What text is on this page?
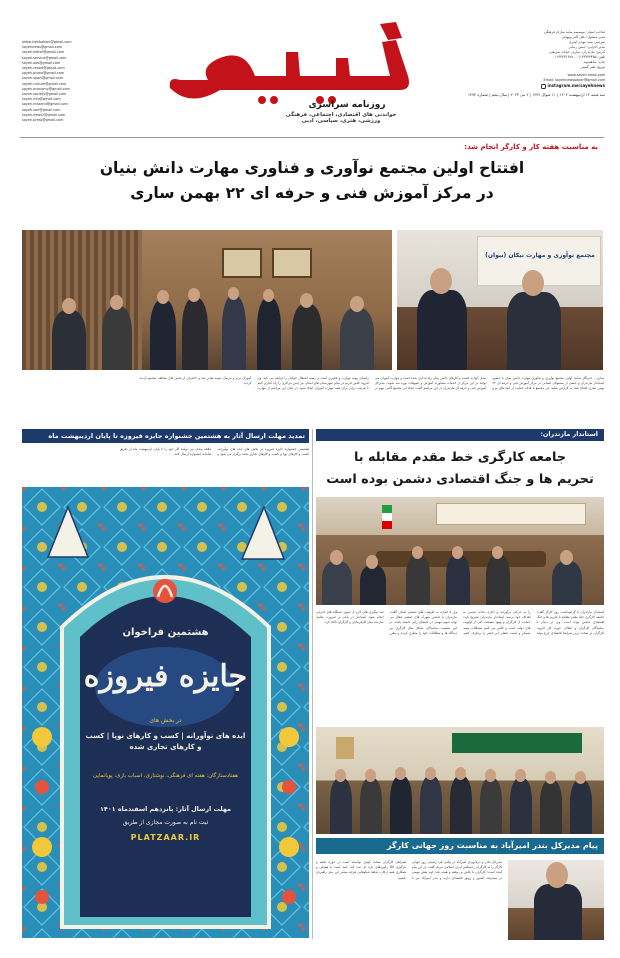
akbar.behbahani@gmail.com
sayehnews@gmail.com
sayeh.editor@gmail.com
sayeh.service@gmail.com
sayeh.ads@gmail.com
sayeh.report@gmail.com
sayeh.photo@gmail.com
sayeh.sport@gmail.com
sayeh.culture@gmail.com
sayeh.economy@gmail.com
sayeh.society@gmail.com
sayeh.info@gmail.com
sayeh.mazand@gmail.com
sayeh.sari@gmail.com
sayeh.news2@gmail.com
sayeh.press@gmail.com
روزنامه سراسری
خواندنی های اقتصادی، اجتماعی، فرهنگی
ورزشی، هنری، سیاسی، ادبی
صاحب امتیاز: موسسه سایه سازان فرهنگی
مدیر مسئول: علی اکبر بهبهانی
سردبیر: سید مهدی امیری
مدیر اجرایی: حسن زمانی
آدرس: مازندران، ساری، خیابان شریعتی
تلفن: ۰۱۱۳۳۳۳۴۴۵۵ - ۰۱۱۳۳۳۳۶۶۷۷
چاپ: شاهسوند
توزیع: نشر گستر
www.sayeh-news.com
Email: sayehnewspaper@gmail.com
instagram.me/sayehnews
سه شنبه ۱۲ اردیبهشت ۱۴۰۲ | ۱۱ شوال ۱۴۴۴ | ۲ می ۲۰۲۳ | سال پنجم | شماره ۱۲۷۴
به مناسبت هفته کار و کارگر انجام شد:
افتتاح اولین مجتمع نوآوری و فناوری مهارت دانش بنیان
در مرکز آموزش فنی و حرفه ای ۲۲ بهمن ساری
مجتمع نوآوری و مهارت نیکان (نیوان)

ساری - خبرنگار سایه: اولین مجتمع نوآوری و فناوری مهارت دانش بنیان با حضور استاندار مازندران و جمعی از مسئولان استانی در مرکز آموزش فنی و حرفه ای ۲۲ بهمن ساری افتتاح شد. به گزارش سایه، این مجتمع با هدف حمایت از ایده های نو و تبدیل آنها به کسب و کارهای دانش بنیان راه اندازی شده است و مهارت آموزان می توانند در این مرکز از خدمات مشاوره، آموزش و تسهیلات بهره مند شوند. مدیرکل آموزش فنی و حرفه ای مازندران در این مراسم گفت: ایجاد این مجتمع گامی مهم در راستای پیوند مهارت و فناوری است و زمینه اشتغال جوانان را فراهم می کند. وی افزود: تلاش داریم در سایر شهرستان های استان نیز چنین مراکزی را راه اندازی کنیم تا فرصت برابر برای همه مهارت آموزان ایجاد شود. در پایان این مراسم از مهارت آموزان برتر و مربیان نمونه تقدیر شد و حاضران از بخش های مختلف مجتمع بازدید کردند.

استاندار مازندران:
جامعه کارگری خط مقدم مقابله با
تحریم ها و جنگ اقتصادی دشمن بوده است

استاندار مازندران با گرامیداشت روز کارگر گفت: جامعه کارگری خط مقدم مقابله با تحریم ها و جنگ اقتصادی دشمن بوده است. وی در دیدار با نمایندگان کارگران و فعالان حوزه کار افزود: کارگران در سخت ترین شرایط اقتصادی چرخ تولید را به حرکت درآوردند و اجازه ندادند دشمن به اهداف خود برسد. استاندار مازندران تصریح کرد: حمایت از کارگران و بهبود معیشت آنان از اولویت های دولت است و تلاش می کنیم مشکلات بیمه، مسکن و امنیت شغلی این قشر را برطرف کنیم. وی با اشاره به ظرفیت های صنعتی استان گفت: مازندران با داشتن شهرک های صنعتی فعال می تواند سهم مهمی در اشتغال زایی داشته باشد. در این نشست نمایندگان تشکل های کارگری نیز دیدگاه ها و مطالبات خود را مطرح کردند و مقرر شد پیگیری های لازم از سوی دستگاه های اجرایی انجام شود. استاندار در پایان بر ضرورت تعامل سازنده میان کارفرمایان و کارگران تاکید کرد.

پیام مدیرکل بندر امیرآباد به مناسبت روز جهانی کارگر

مدیرکل بنادر و دریانوردی امیرآباد در پیامی فرا رسیدن روز جهانی کارگر را به کارگران زحمتکش ایران اسلامی تبریک گفت. در این پیام آمده است: کارگران با تلاش بی وقفه و همت بلند خود نقش مهمی در پیشرفت کشور و رونق اقتصادی دارند و بندر امیرآباد نیز با همراهی کارگران سخت کوش توانسته است در حوزه تخلیه و بارگیری کالا رکوردهای تازه ای ثبت کند. امید است با همدلی و همکاری همه ارکان، شاهد شکوفایی هرچه بیشتر این بندر راهبردی باشیم.

تمدید مهلت ارسال آثار به هشتمین جشنواره جایزه فیروزه تا پایان اردیبهشت ماه

هشتمین جشنواره جایزه فیروزه در بخش های ایده های نوآورانه، کسب و کارهای نوپا و کسب و کارهای تجاری شده برگزار می شود و علاقه مندان می توانند آثار خود را تا پایان اردیبهشت ماه از طریق سامانه جشنواره ارسال کنند.

هشتمین فراخوان
جایزه فیروزه
در بخش های
ایده های نوآورانه | کسب و کارهای نوپا | کسب و کارهای تجاری شده
هفتادستارگان: هفته ای فرهنگی، نوشتاری، اسباب بازی، پویانمایی
مهلت ارسال آثار: پانزدهم اسفندماه ۱۴۰۱
ثبت نام به صورت مجازی از طریق
PLATZAAR.IR
